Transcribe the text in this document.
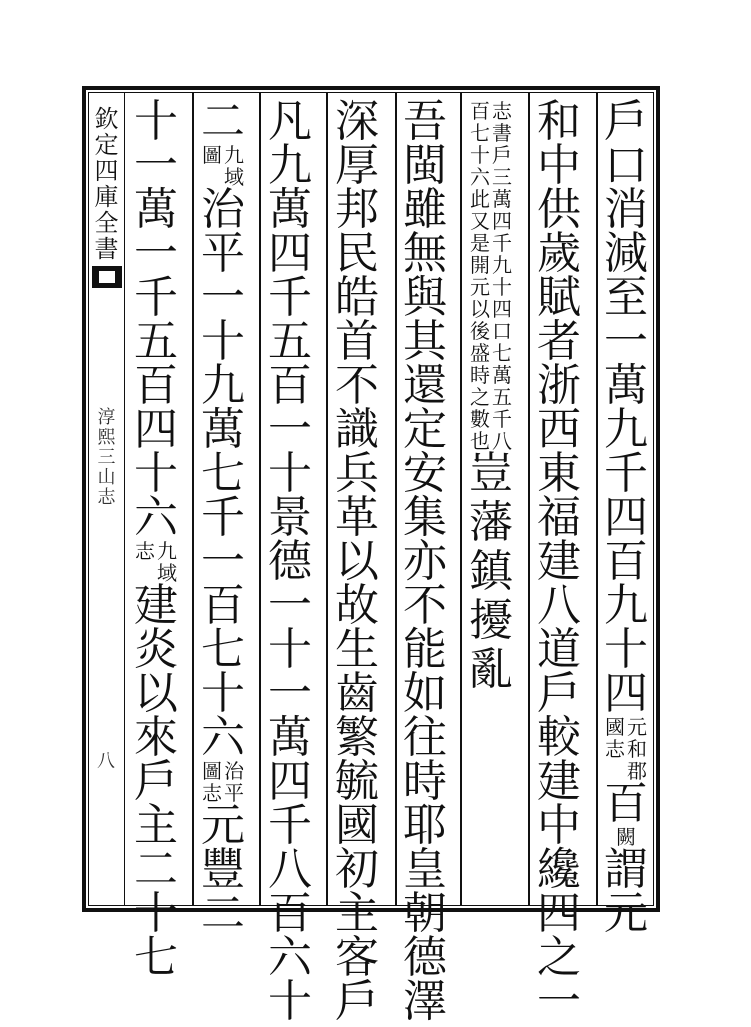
欽
定
四
庫
全
書
淳
熙
三
山
志
八
戶
口
消
減
至
一
萬
九
千
四
百
九
十
四
元
和
郡
國
志
百
闕
謂
元
和
中
供
歲
賦
者
浙
西
東
福
建
八
道
戶
較
建
中
纔
四
之
一
志
書
戶
三
萬
四
千
九
十
四
口
七
萬
五
千
八
百
七
十
六
此
又
是
開
元
以
後
盛
時
之
數
也
豈
藩
鎮
擾
亂
吾
閩
雖
無
與
其
還
定
安
集
亦
不
能
如
往
時
耶
皇
朝
德
澤
深
厚
邦
民
皓
首
不
識
兵
革
以
故
生
齒
繁
毓
國
初
主
客
戶
凡
九
萬
四
千
五
百
一
十
景
德
一
十
一
萬
四
千
八
百
六
十
二
九
域
圖
治
平
一
十
九
萬
七
千
一
百
七
十
六
治
平
圖
志
元
豐
二
十
一
萬
一
千
五
百
四
十
六
九
域
志
建
炎
以
來
戶
主
二
十
七
